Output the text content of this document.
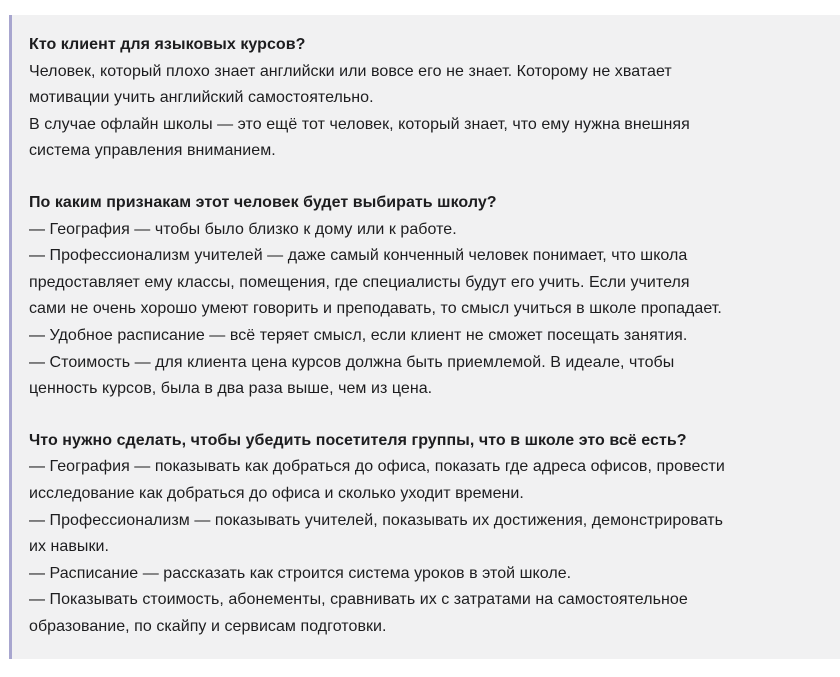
Кто клиент для языковых курсов?
Человек, который плохо знает английски или вовсе его не знает. Которому не хватает
мотивации учить английский самостоятельно.
В случае офлайн школы — это ещё тот человек, который знает, что ему нужна внешняя
система управления вниманием.
По каким признакам этот человек будет выбирать школу?
— География — чтобы было близко к дому или к работе.
— Профессионализм учителей — даже самый конченный человек понимает, что школа
предоставляет ему классы, помещения, где специалисты будут его учить. Если учителя
сами не очень хорошо умеют говорить и преподавать, то смысл учиться в школе пропадает.
— Удобное расписание — всё теряет смысл, если клиент не сможет посещать занятия.
— Стоимость — для клиента цена курсов должна быть приемлемой. В идеале, чтобы
ценность курсов, была в два раза выше, чем из цена.
Что нужно сделать, чтобы убедить посетителя группы, что в школе это всё есть?
— География — показывать как добраться до офиса, показать где адреса офисов, провести
исследование как добраться до офиса и сколько уходит времени.
— Профессионализм — показывать учителей, показывать их достижения, демонстрировать
их навыки.
— Расписание — рассказать как строится система уроков в этой школе.
— Показывать стоимость, абонементы, сравнивать их с затратами на самостоятельное
образование, по скайпу и сервисам подготовки.
